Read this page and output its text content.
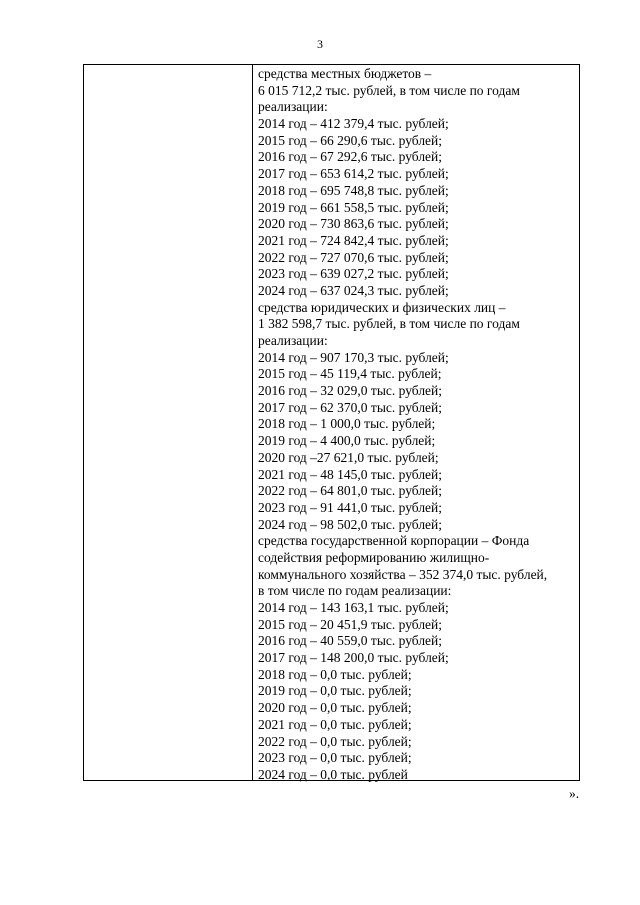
3
средства местных бюджетов –
6 015 712,2 тыс. рублей, в том числе по годам
реализации:
2014 год – 412 379,4 тыс. рублей;
2015 год – 66 290,6 тыс. рублей;
2016 год – 67 292,6 тыс. рублей;
2017 год – 653 614,2 тыс. рублей;
2018 год – 695 748,8 тыс. рублей;
2019 год – 661 558,5 тыс. рублей;
2020 год – 730 863,6 тыс. рублей;
2021 год – 724 842,4 тыс. рублей;
2022 год – 727 070,6 тыс. рублей;
2023 год – 639 027,2 тыс. рублей;
2024 год – 637 024,3 тыс. рублей;
средства юридических и физических лиц –
1 382 598,7 тыс. рублей, в том числе по годам
реализации:
2014 год – 907 170,3 тыс. рублей;
2015 год – 45 119,4 тыс. рублей;
2016 год – 32 029,0 тыс. рублей;
2017 год – 62 370,0 тыс. рублей;
2018 год – 1 000,0 тыс. рублей;
2019 год – 4 400,0 тыс. рублей;
2020 год –27 621,0 тыс. рублей;
2021 год – 48 145,0 тыс. рублей;
2022 год – 64 801,0 тыс. рублей;
2023 год – 91 441,0 тыс. рублей;
2024 год – 98 502,0 тыс. рублей;
средства государственной корпорации – Фонда
содействия реформированию жилищно-
коммунального хозяйства – 352 374,0 тыс. рублей,
в том числе по годам реализации:
2014 год – 143 163,1 тыс. рублей;
2015 год – 20 451,9 тыс. рублей;
2016 год – 40 559,0 тыс. рублей;
2017 год – 148 200,0 тыс. рублей;
2018 год – 0,0 тыс. рублей;
2019 год – 0,0 тыс. рублей;
2020 год – 0,0 тыс. рублей;
2021 год – 0,0 тыс. рублей;
2022 год – 0,0 тыс. рублей;
2023 год – 0,0 тыс. рублей;
2024 год – 0,0 тыс. рублей
».
